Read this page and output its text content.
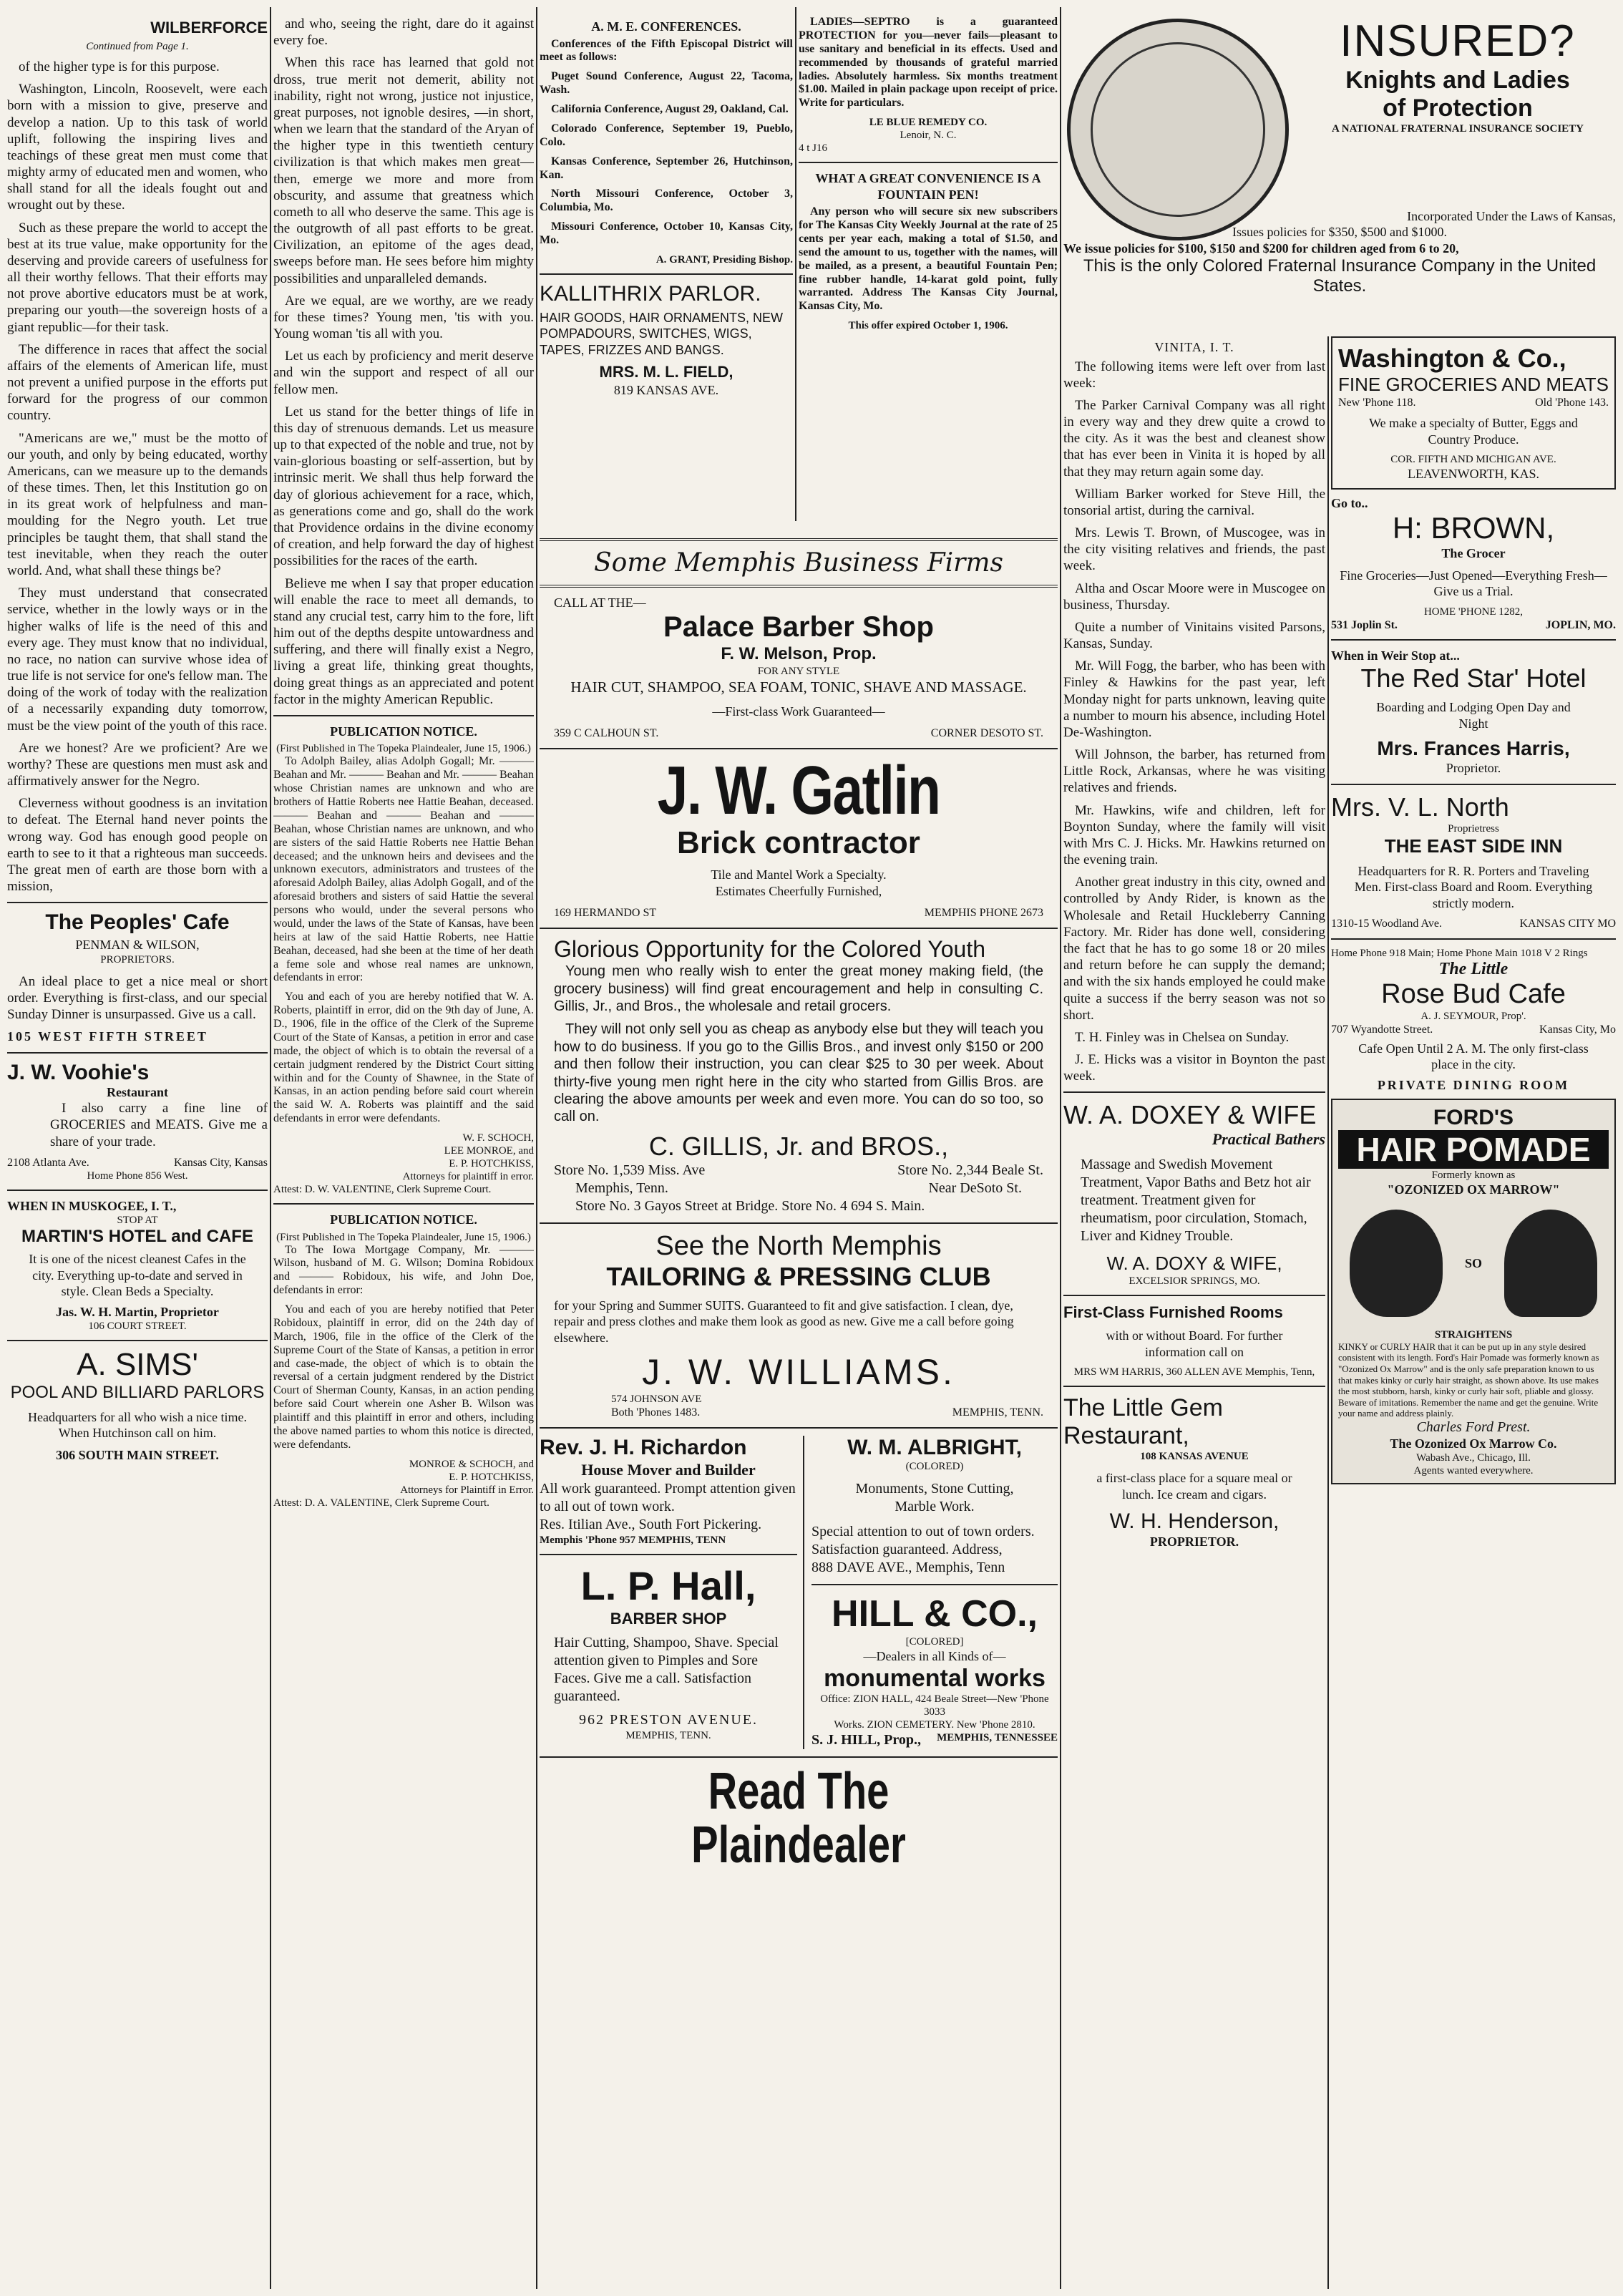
WILBERFORCE
Continued from Page 1.

of the higher type is for this purpose.

Washington, Lincoln, Roosevelt, were each born with a mission to give, preserve and develop a nation. Up to this task of world uplift, following the inspiring lives and teachings of these great men must come that mighty army of educated men and women, who shall stand for all the ideals fought out and wrought out by these.

Such as these prepare the world to accept the best at its true value, make opportunity for the deserving and provide careers of usefulness for all their worthy fellows. That their efforts may not prove abortive educators must be at work, preparing our youth—the sovereign hosts of a giant republic—for their task.

The difference in races that affect the social affairs of the elements of American life, must not prevent a unified purpose in the efforts put forward for the progress of our common country.

"Americans are we," must be the motto of our youth, and only by being educated, worthy Americans, can we measure up to the demands of these times. Then, let this Institution go on in its great work of helpfulness and man-moulding for the Negro youth. Let true principles be taught them, that shall stand the test inevitable, when they reach the outer world. And, what shall these things be?

They must understand that consecrated service, whether in the lowly ways or in the higher walks of life is the need of this and every age. They must know that no individual, no race, no nation can survive whose idea of true life is not service for one's fellow man. The doing of the work of today with the realization of a necessarily expanding duty tomorrow, must be the view point of the youth of this race.

Are we honest? Are we proficient? Are we worthy? These are questions men must ask and affirmatively answer for the Negro.

Cleverness without goodness is an invitation to defeat. The Eternal hand never points the wrong way. God has enough good people on earth to see to it that a righteous man succeeds. The great men of earth are those born with a mission,

The Peoples' Cafe
PENMAN & WILSON,
PROPRIETORS.

An ideal place to get a nice meal or short order. Everything is first-class, and our special Sunday Dinner is unsurpassed. Give us a call.

105 WEST FIFTH STREET
J. W. Voohie's
Restaurant

I also carry a fine line of GROCERIES and MEATS. Give me a share of your trade.

2108 Atlanta Ave.	Kansas City, Kansas
Home Phone 856 West.
WHEN IN MUSKOGEE, I. T.,
STOP AT
MARTIN'S HOTEL and CAFE
It is one of the nicest cleanest Cafes in the city. Everything up-to-date and served in style. Clean Beds a Specialty.
Jas. W. H. Martin, Proprietor
106 COURT STREET.
A. SIMS'
POOL AND BILLIARD PARLORS
Headquarters for all who wish a nice time. When Hutchinson call on him.
306 SOUTH MAIN STREET.

and who, seeing the right, dare do it against every foe.

When this race has learned that gold not dross, true merit not demerit, ability not inability, right not wrong, justice not injustice, great purposes, not ignoble desires, —in short, when we learn that the standard of the Aryan of the higher type in this twentieth century civilization is that which makes men great—then, emerge we more and more from obscurity, and assume that greatness which cometh to all who deserve the same. This age is the outgrowth of all past efforts to be great. Civilization, an epitome of the ages dead, sweeps before man. He sees before him mighty possibilities and unparalleled demands.

Are we equal, are we worthy, are we ready for these times? Young men, 'tis with you. Young woman 'tis all with you.

Let us each by proficiency and merit deserve and win the support and respect of all our fellow men.

Let us stand for the better things of life in this day of strenuous demands. Let us measure up to that expected of the noble and true, not by vain-glorious boasting or self-assertion, but by intrinsic merit. We shall thus help forward the day of glorious achievement for a race, which, as generations come and go, shall do the work that Providence ordains in the divine economy of creation, and help forward the day of highest possibilities for the races of the earth.

Believe me when I say that proper education will enable the race to meet all demands, to stand any crucial test, carry him to the fore, lift him out of the depths despite untowardness and suffering, and there will finally exist a Negro, living a great life, thinking great thoughts, doing great things as an appreciated and potent factor in the mighty American Republic.

PUBLICATION NOTICE.
(First Published in The Topeka Plaindealer, June 15, 1906.)

To Adolph Bailey, alias Adolph Gogall; Mr. ——— Beahan and Mr. ——— Beahan and Mr. ——— Beahan whose Christian names are unknown and who are brothers of Hattie Roberts nee Hattie Beahan, deceased. ——— Beahan and ——— Beahan and ——— Beahan, whose Christian names are unknown, and who are sisters of the said Hattie Roberts nee Hattie Behan deceased; and the unknown heirs and devisees and the unknown executors, administrators and trustees of the aforesaid Adolph Bailey, alias Adolph Gogall, and of the aforesaid brothers and sisters of said Hattie the several persons who would, under the several persons who would, under the laws of the State of Kansas, have been heirs at law of the said Hattie Roberts, nee Hattie Beahan, deceased, had she been at the time of her death a feme sole and whose real names are unknown, defendants in error:

You and each of you are hereby notified that W. A. Roberts, plaintiff in error, did on the 9th day of June, A. D., 1906, file in the office of the Clerk of the Supreme Court of the State of Kansas, a petition in error and case made, the object of which is to obtain the reversal of a certain judgment rendered by the District Court sitting within and for the County of Shawnee, in the State of Kansas, in an action pending before said court wherein the said W. A. Roberts was plaintiff and the said defendants in error were defendants.

W. F. SCHOCH,
LEE MONROE, and
E. P. HOTCHKISS,
Attorneys for plaintiff in error.
Attest: D. W. VALENTINE, Clerk Supreme Court.
PUBLICATION NOTICE.
(First Published in The Topeka Plaindealer, June 15, 1906.)

To The Iowa Mortgage Company, Mr. ——— Wilson, husband of M. G. Wilson; Domina Robidoux and ——— Robidoux, his wife, and John Doe, defendants in error:

You and each of you are hereby notified that Peter Robidoux, plaintiff in error, did on the 24th day of March, 1906, file in the office of the Clerk of the Supreme Court of the State of Kansas, a petition in error and case-made, the object of which is to obtain the reversal of a certain judgment rendered by the District Court of Sherman County, Kansas, in an action pending before said Court wherein one Asher B. Wilson was plaintiff and this plaintiff in error and others, including the above named parties to whom this notice is directed, were defendants.

MONROE & SCHOCH, and
E. P. HOTCHKISS,
Attorneys for Plaintiff in Error.
Attest: D. A. VALENTINE, Clerk Supreme Court.
A. M. E. CONFERENCES.

Conferences of the Fifth Episcopal District will meet as follows:

Puget Sound Conference, August 22, Tacoma, Wash.

California Conference, August 29, Oakland, Cal.

Colorado Conference, September 19, Pueblo, Colo.

Kansas Conference, September 26, Hutchinson, Kan.

North Missouri Conference, October 3, Columbia, Mo.

Missouri Conference, October 10, Kansas City, Mo.

A. GRANT, Presiding Bishop.
KALLITHRIX PARLOR.
HAIR GOODS, HAIR ORNAMENTS, NEW POMPADOURS, SWITCHES, WIGS, TAPES, FRIZZES AND BANGS.
MRS. M. L. FIELD,
819 KANSAS AVE.

LADIES—SEPTRO is a guaranteed PROTECTION for you—never fails—pleasant to use sanitary and beneficial in its effects. Used and recommended by thousands of grateful married ladies. Absolutely harmless. Six months treatment $1.00. Mailed in plain package upon receipt of price. Write for particulars.

LE BLUE REMEDY CO.
Lenoir, N. C.
4 t J16
WHAT A GREAT CONVENIENCE IS A FOUNTAIN PEN!

Any person who will secure six new subscribers for The Kansas City Weekly Journal at the rate of 25 cents per year each, making a total of $1.50, and send the amount to us, together with the names, will be mailed, as a present, a beautiful Fountain Pen; fine rubber handle, 14-karat gold point, fully warranted. Address The Kansas City Journal, Kansas City, Mo.

This offer expired October 1, 1906.
Some Memphis Business Firms
CALL AT THE—
Palace Barber Shop
F. W. Melson, Prop.
FOR ANY STYLE
HAIR CUT, SHAMPOO, SEA FOAM, TONIC, SHAVE AND MASSAGE.
—First-class Work Guaranteed—
359 C CALHOUN ST.	CORNER DESOTO ST.
J. W. Gatlin
Brick contractor
Tile and Mantel Work a Specialty.
Estimates Cheerfully Furnished,
169 HERMANDO ST	MEMPHIS PHONE 2673
Glorious Opportunity for the Colored Youth

Young men who really wish to enter the great money making field, (the grocery business) will find great encouragement and help in consulting C. Gillis, Jr., and Bros., the wholesale and retail grocers.

They will not only sell you as cheap as anybody else but they will teach you how to do business. If you go to the Gillis Bros., and invest only $150 or 200 and then follow their instruction, you can clear $25 to 30 per week. About thirty-five young men right here in the city who started from Gillis Bros. are clearing the above amounts per week and even more. You can do so too, so call on.

C. GILLIS, Jr. and BROS.,
Store No. 1,539 Miss. Ave	Store No. 2,344 Beale St.
Memphis, Tenn.	Near DeSoto St.
Store No. 3 Gayos Street at Bridge. Store No. 4 694 S. Main.
See the North Memphis
TAILORING & PRESSING CLUB
for your Spring and Summer SUITS. Guaranteed to fit and give satisfaction. I clean, dye, repair and press clothes and make them look as good as new. Give me a call before going elsewhere.
J. W. WILLIAMS.
574 JOHNSON AVE
Both 'Phones 1483.	MEMPHIS, TENN.
Rev. J. H. Richardon
House Mover and Builder
All work guaranteed. Prompt attention given to all out of town work.
Res. Itilian Ave., South Fort Pickering.
Memphis 'Phone 957 MEMPHIS, TENN
L. P. Hall,
BARBER SHOP
Hair Cutting, Shampoo, Shave. Special attention given to Pimples and Sore Faces. Give me a call. Satisfaction guaranteed.
962 PRESTON AVENUE.
MEMPHIS, TENN.
W. M. ALBRIGHT,
(COLORED)
Monuments, Stone Cutting, Marble Work.
Special attention to out of town orders. Satisfaction guaranteed. Address,
888 DAVE AVE., Memphis, Tenn
HILL & CO.,
[COLORED]
—Dealers in all Kinds of—
monumental works
Office: ZION HALL, 424 Beale Street—New 'Phone 3033
Works. ZION CEMETERY. New 'Phone 2810.
S. J. HILL, Prop., MEMPHIS, TENNESSEE
Read The Plaindealer
VINITA, I. T.

The following items were left over from last week:

The Parker Carnival Company was all right in every way and they drew quite a crowd to the city. As it was the best and cleanest show that has ever been in Vinita it is hoped by all that they may return again some day.

William Barker worked for Steve Hill, the tonsorial artist, during the carnival.

Mrs. Lewis T. Brown, of Muscogee, was in the city visiting relatives and friends, the past week.

Altha and Oscar Moore were in Muscogee on business, Thursday.

Quite a number of Vinitains visited Parsons, Kansas, Sunday.

Mr. Will Fogg, the barber, who has been with Finley & Hawkins for the past year, left Monday night for parts unknown, leaving quite a number to mourn his absence, including Hotel De-Washington.

Will Johnson, the barber, has returned from Little Rock, Arkansas, where he was visiting relatives and friends.

Mr. Hawkins, wife and children, left for Boynton Sunday, where the family will visit with Mrs C. J. Hicks. Mr. Hawkins returned on the evening train.

Another great industry in this city, owned and controlled by Andy Rider, is known as the Wholesale and Retail Huckleberry Canning Factory. Mr. Rider has done well, considering the fact that he has to go some 18 or 20 miles and return before he can supply the demand; and with the six hands employed he could make quite a success if the berry season was not so short.

T. H. Finley was in Chelsea on Sunday.

J. E. Hicks was a visitor in Boynton the past week.

W. A. DOXEY & WIFE
Practical Bathers
Massage and Swedish Movement Treatment, Vapor Baths and Betz hot air treatment. Treatment given for rheumatism, poor circulation, Stomach, Liver and Kidney Trouble.
W. A. DOXY & WIFE,
EXCELSIOR SPRINGS, MO.
First-Class Furnished Rooms
with or without Board. For further information call on
MRS WM HARRIS, 360 ALLEN AVE Memphis, Tenn,
The Little Gem Restaurant,
108 KANSAS AVENUE
a first-class place for a square meal or lunch. Ice cream and cigars.
W. H. Henderson,
PROPRIETOR.
INSURED?
Knights and Ladies
of Protection
A NATIONAL FRATERNAL INSURANCE SOCIETY
Incorporated Under the Laws of Kansas,
Issues policies for $350, $500 and $1000.
We issue policies for $100, $150 and $200 for children aged from 6 to 20,
This is the only Colored Fraternal Insurance Company in the United States.
Washington & Co.,
FINE GROCERIES AND MEATS
New 'Phone 118.	Old 'Phone 143.
We make a specialty of Butter, Eggs and Country Produce.
COR. FIFTH AND MICHIGAN AVE.
LEAVENWORTH, KAS.
Go to..
H: BROWN,
The Grocer
Fine Groceries—Just Opened—Everything Fresh—Give us a Trial.
HOME 'PHONE 1282,
531 Joplin St.	JOPLIN, MO.
When in Weir Stop at...
The Red Star' Hotel
Boarding and Lodging Open Day and Night
Mrs. Frances Harris,
Proprietor.
Mrs. V. L. North
Proprietress
THE EAST SIDE INN
Headquarters for R. R. Porters and Traveling Men. First-class Board and Room. Everything strictly modern.
1310-15 Woodland Ave.	KANSAS CITY MO
Home Phone 918 Main; Home Phone Main 1018 V 2 Rings
The Little
Rose Bud Cafe
A. J. SEYMOUR, Prop'.
707 Wyandotte Street.	Kansas City, Mo
Cafe Open Until 2 A. M. The only first-class place in the city.
PRIVATE DINING ROOM
FORD'S
HAIR POMADE
Formerly known as
"OZONIZED OX MARROW"
SO
STRAIGHTENS
KINKY or CURLY HAIR that it can be put up in any style desired consistent with its length. Ford's Hair Pomade was formerly known as "Ozonized Ox Marrow" and is the only safe preparation known to us that makes kinky or curly hair straight, as shown above. Its use makes the most stubborn, harsh, kinky or curly hair soft, pliable and glossy. Beware of imitations. Remember the name and get the genuine. Write your name and address plainly.
Charles Ford Prest.
The Ozonized Ox Marrow Co.
Wabash Ave., Chicago, Ill.
Agents wanted everywhere.
